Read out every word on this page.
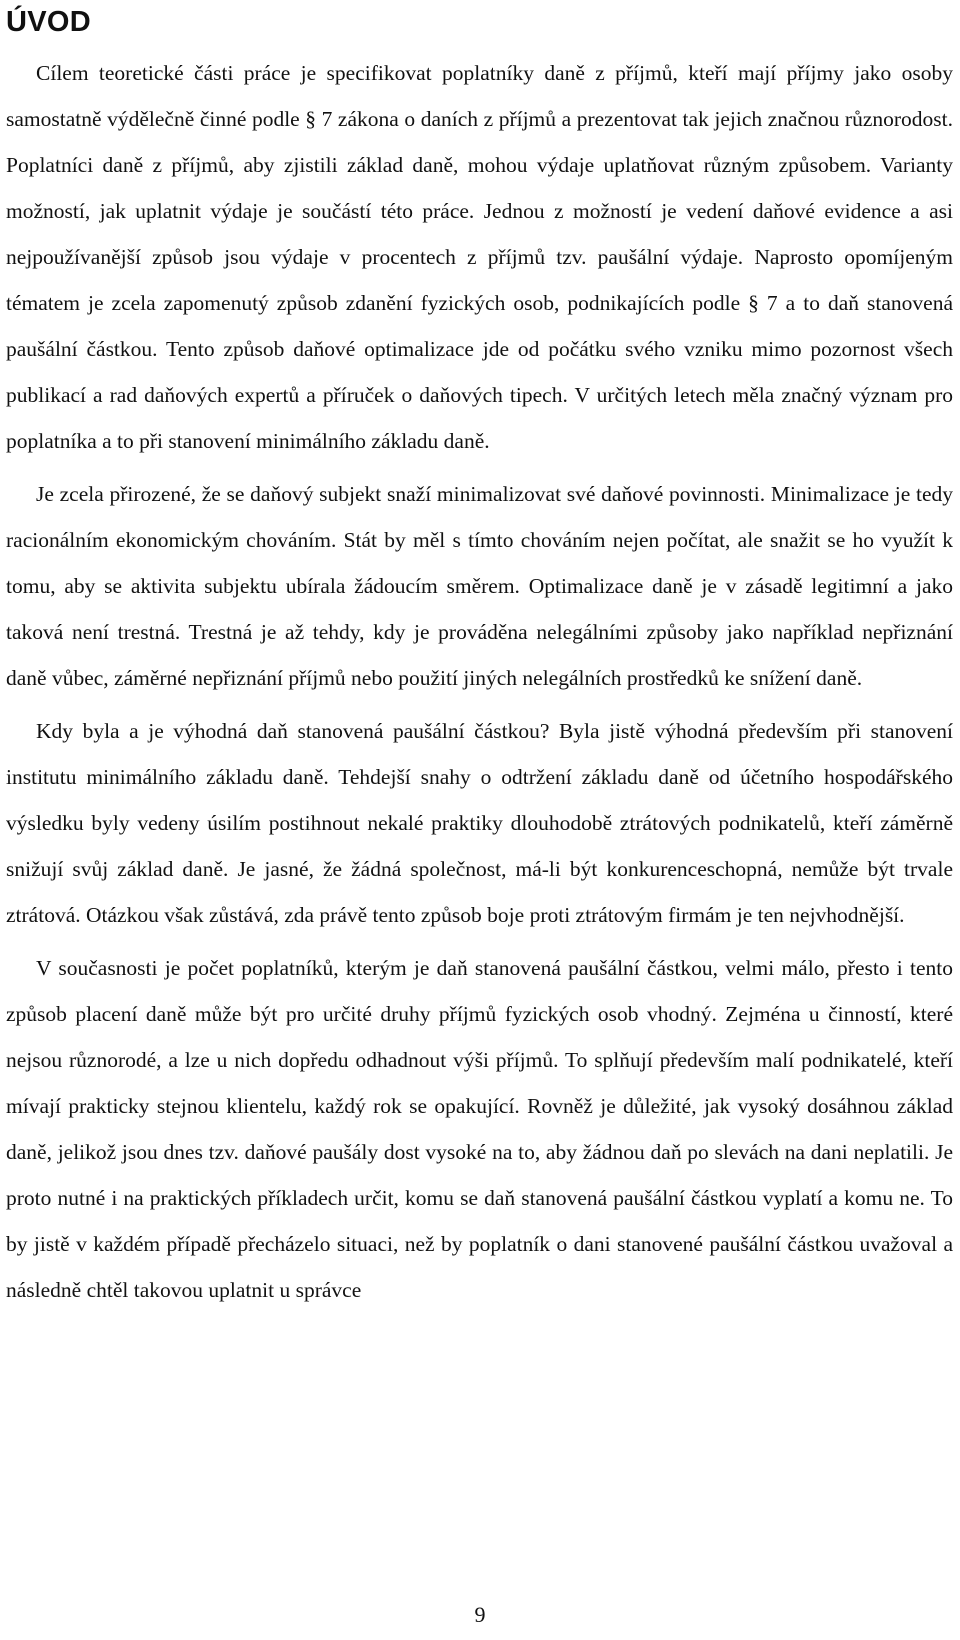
ÚVOD

Cílem teoretické části práce je specifikovat poplatníky daně z příjmů, kteří mají příjmy jako osoby samostatně výdělečně činné podle § 7 zákona o daních z příjmů a prezentovat tak jejich značnou různorodost. Poplatníci daně z příjmů, aby zjistili základ daně, mohou výdaje uplatňovat různým způsobem. Varianty možností, jak uplatnit výdaje je součástí této práce. Jednou z možností je vedení daňové evidence a asi nejpoužívanější způsob jsou výdaje v procentech z příjmů tzv. paušální výdaje. Naprosto opomíjeným tématem je zcela zapomenutý způsob zdanění fyzických osob, podnikajících podle § 7 a to daň stanovená paušální částkou. Tento způsob daňové optimalizace jde od počátku svého vzniku mimo pozornost všech publikací a rad daňových expertů a příruček o daňových tipech. V určitých letech měla značný význam pro poplatníka a to při stanovení minimálního základu daně.

Je zcela přirozené, že se daňový subjekt snaží minimalizovat své daňové povinnosti. Minimalizace je tedy racionálním ekonomickým chováním. Stát by měl s tímto chováním nejen počítat, ale snažit se ho využít k tomu, aby se aktivita subjektu ubírala žádoucím směrem. Optimalizace daně je v zásadě legitimní a jako taková není trestná. Trestná je až tehdy, kdy je prováděna nelegálními způsoby jako například nepřiznání daně vůbec, záměrné nepřiznání příjmů nebo použití jiných nelegálních prostředků ke snížení daně.

Kdy byla a je výhodná daň stanovená paušální částkou? Byla jistě výhodná především při stanovení institutu minimálního základu daně. Tehdejší snahy o odtržení základu daně od účetního hospodářského výsledku byly vedeny úsilím postihnout nekalé praktiky dlouhodobě ztrátových podnikatelů, kteří záměrně snižují svůj základ daně. Je jasné, že žádná společnost, má-li být konkurenceschopná, nemůže být trvale ztrátová. Otázkou však zůstává, zda právě tento způsob boje proti ztrátovým firmám je ten nejvhodnější.

V současnosti je počet poplatníků, kterým je daň stanovená paušální částkou, velmi málo, přesto i tento způsob placení daně může být pro určité druhy příjmů fyzických osob vhodný. Zejména u činností, které nejsou různorodé, a lze u nich dopředu odhadnout výši příjmů. To splňují především malí podnikatelé, kteří mívají prakticky stejnou klientelu, každý rok se opakující. Rovněž je důležité, jak vysoký dosáhnou základ daně, jelikož jsou dnes tzv. daňové paušály dost vysoké na to, aby žádnou daň po slevách na dani neplatili. Je proto nutné i na praktických příkladech určit, komu se daň stanovená paušální částkou vyplatí a komu ne. To by jistě v každém případě přecházelo situaci, než by poplatník o dani stanovené paušální částkou uvažoval a následně chtěl takovou uplatnit u správce

9
